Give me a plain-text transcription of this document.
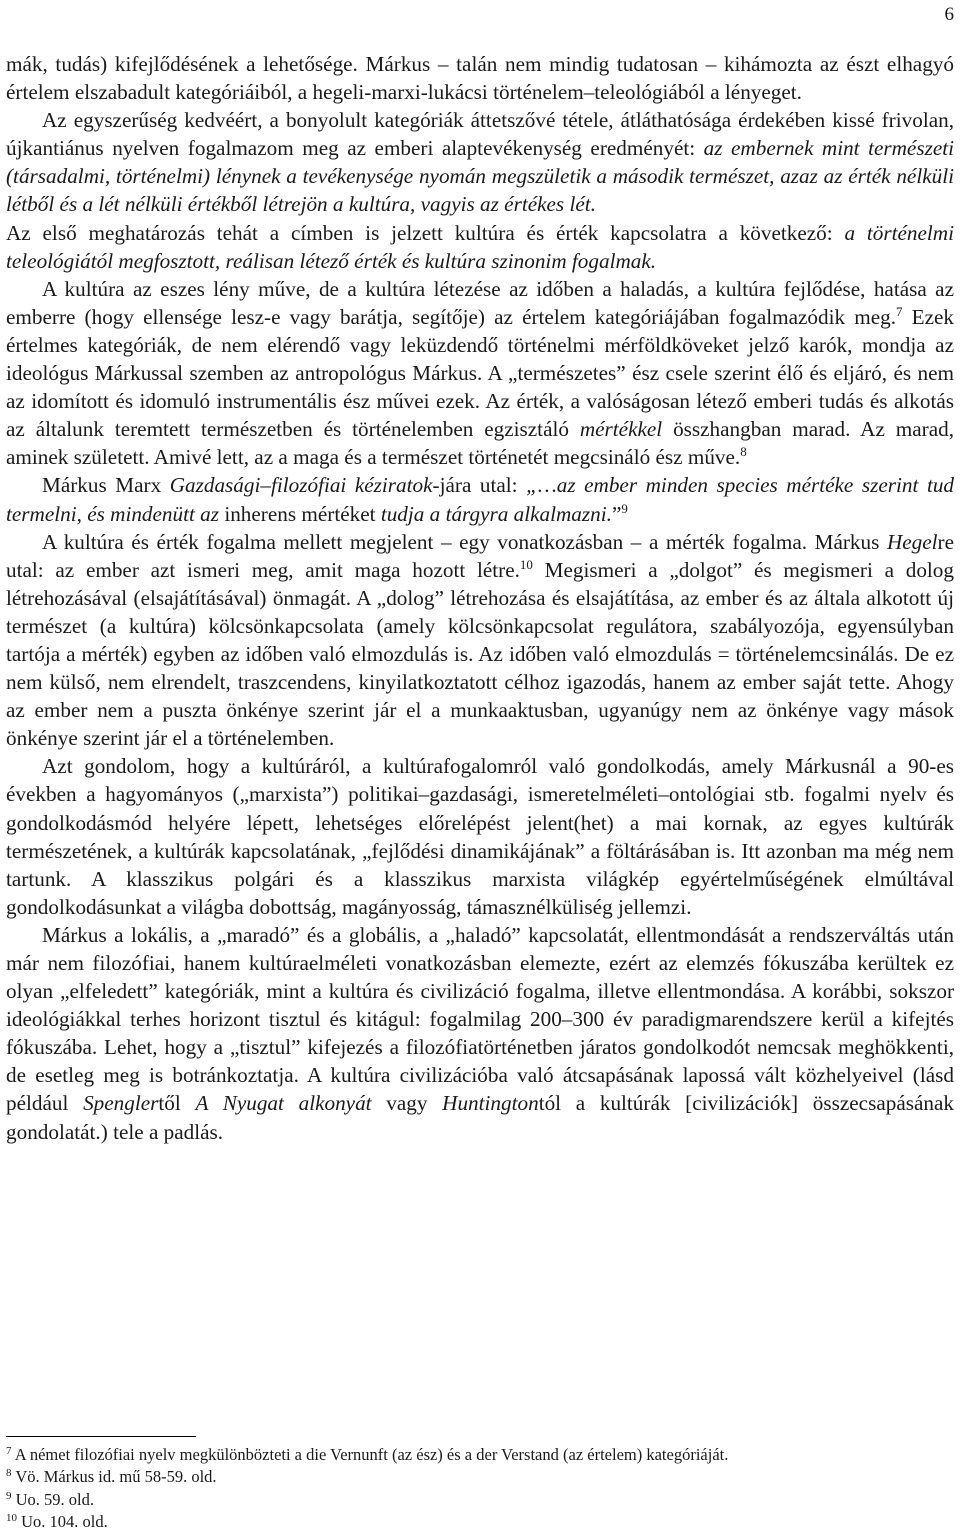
6

mák, tudás) kifejlődésének a lehetősége. Márkus – talán nem mindig tudatosan – kihámozta az észt elhagyó értelem elszabadult kategóriáiból, a hegeli-marxi-lukácsi történelem–teleológiából a lényeget.

Az egyszerűség kedvéért, a bonyolult kategóriák áttetszővé tétele, átláthatósága érdekében kissé frivolan, újkantiánus nyelven fogalmazom meg az emberi alaptevékenység eredményét: az embernek mint természeti (társadalmi, történelmi) lénynek a tevékenysége nyomán megszületik a második természet, azaz az érték nélküli létből és a lét nélküli értékből létrejön a kultúra, vagyis az értékes lét.

Az első meghatározás tehát a címben is jelzett kultúra és érték kapcsolatra a következő: a történelmi teleológiától megfosztott, reálisan létező érték és kultúra szinonim fogalmak.

A kultúra az eszes lény műve, de a kultúra létezése az időben a haladás, a kultúra fejlődése, hatása az emberre (hogy ellensége lesz-e vagy barátja, segítője) az értelem kategóriájában fogalmazódik meg.$^7$ Ezek értelmes kategóriák, de nem elérendő vagy leküzdendő történelmi mérföldköveket jelző karók, mondja az ideológus Márkussal szemben az antropológus Márkus. A „természetes” ész csele szerint élő és eljáró, és nem az idomított és idomuló instrumentális ész művei ezek. Az érték, a valóságosan létező emberi tudás és alkotás az általunk teremtett természetben és történelemben egzisztáló mértékkel összhangban marad. Az marad, aminek született. Amivé lett, az a maga és a természet történetét megcsináló ész műve.$^8$

Márkus Marx Gazdasági–filozófiai kéziratok-jára utal: „…az ember minden species mértéke szerint tud termelni, és mindenütt az inherens mértéket tudja a tárgyra alkalmazni.”$^9$

A kultúra és érték fogalma mellett megjelent – egy vonatkozásban – a mérték fogalma. Márkus Hegelre utal: az ember azt ismeri meg, amit maga hozott létre.$^{10}$ Megismeri a „dolgot” és megismeri a dolog létrehozásával (elsajátításával) önmagát. A „dolog” létrehozása és elsajátítása, az ember és az általa alkotott új természet (a kultúra) kölcsönkapcsolata (amely kölcsönkapcsolat regulátora, szabályozója, egyensúlyban tartója a mérték) egyben az időben való elmozdulás is. Az időben való elmozdulás = történelemcsinálás. De ez nem külső, nem elrendelt, traszcendens, kinyilatkoztatott célhoz igazodás, hanem az ember saját tette. Ahogy az ember nem a puszta önkénye szerint jár el a munkaaktusban, ugyanúgy nem az önkénye vagy mások önkénye szerint jár el a történelemben.

Azt gondolom, hogy a kultúráról, a kultúrafogalomról való gondolkodás, amely Márkusnál a 90-es években a hagyományos („marxista”) politikai–gazdasági, ismeretelméleti–ontológiai stb. fogalmi nyelv és gondolkodásmód helyére lépett, lehetséges előrelépést jelent(het) a mai kornak, az egyes kultúrák természetének, a kultúrák kapcsolatának, „fejlődési dinamikájának” a föltárásában is. Itt azonban ma még nem tartunk. A klasszikus polgári és a klasszikus marxista világkép egyértelműségének elmúltával gondolkodásunkat a világba dobottság, magányosság, támasznélküliség jellemzi.

Márkus a lokális, a „maradó” és a globális, a „haladó” kapcsolatát, ellentmondását a rendszerváltás után már nem filozófiai, hanem kultúraelméleti vonatkozásban elemezte, ezért az elemzés fókuszába kerültek ez olyan „elfeledett” kategóriák, mint a kultúra és civilizáció fogalma, illetve ellentmondása. A korábbi, sokszor ideológiákkal terhes horizont tisztul és kitágul: fogalmilag 200–300 év paradigmarendszere kerül a kifejtés fókuszába. Lehet, hogy a „tisztul” kifejezés a filozófiatörténetben járatos gondolkodót nemcsak meghökkenti, de esetleg meg is botránkoztatja. A kultúra civilizációba való átcsapásának lapossá vált közhelyeivel (lásd például Spenglertől A Nyugat alkonyát vagy Huntingtontól a kultúrák [civilizációk] összecsapásának gondolatát.) tele a padlás.

$^7$ A német filozófiai nyelv megkülönbözteti a die Vernunft (az ész) és a der Verstand (az értelem) kategóriáját.
$^8$ Vö. Márkus id. mű 58-59. old.
$^9$ Uo. 59. old.
$^{10}$ Uo. 104. old.
